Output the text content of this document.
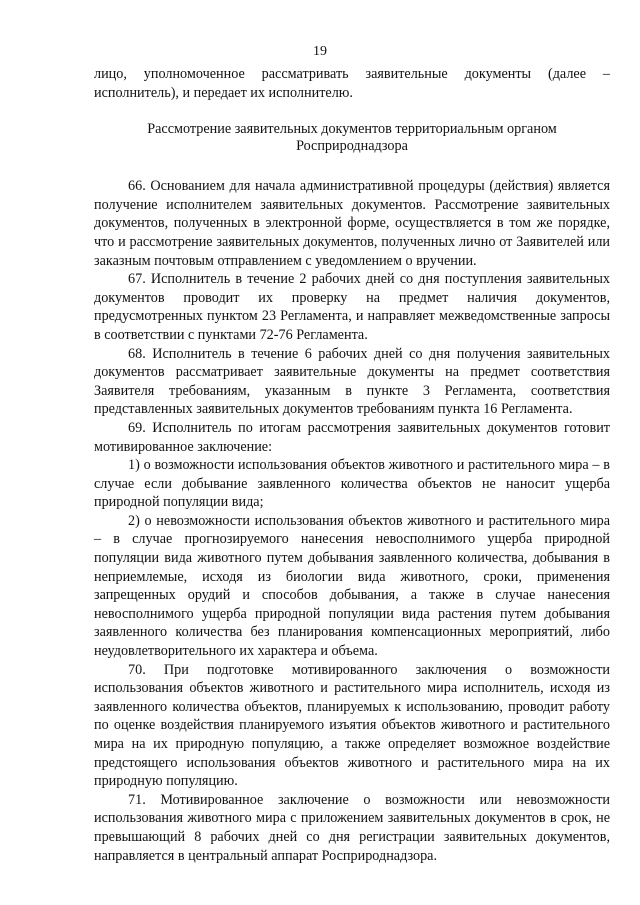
19

лицо, уполномоченное рассматривать заявительные документы (далее – исполнитель), и передает их исполнителю.

Рассмотрение заявительных документов территориальным органом Росприроднадзора

66. Основанием для начала административной процедуры (действия) является получение исполнителем заявительных документов. Рассмотрение заявительных документов, полученных в электронной форме, осуществляется в том же порядке, что и рассмотрение заявительных документов, полученных лично от Заявителей или заказным почтовым отправлением с уведомлением о вручении.

67. Исполнитель в течение 2 рабочих дней со дня поступления заявительных документов проводит их проверку на предмет наличия документов, предусмотренных пунктом 23 Регламента, и направляет межведомственные запросы в соответствии с пунктами 72-76 Регламента.

68. Исполнитель в течение 6 рабочих дней со дня получения заявительных документов рассматривает заявительные документы на предмет соответствия Заявителя требованиям, указанным в пункте 3 Регламента, соответствия представленных заявительных документов требованиям пункта 16 Регламента.

69. Исполнитель по итогам рассмотрения заявительных документов готовит мотивированное заключение:

1) о возможности использования объектов животного и растительного мира – в случае если добывание заявленного количества объектов не наносит ущерба природной популяции вида;

2) о невозможности использования объектов животного и растительного мира – в случае прогнозируемого нанесения невосполнимого ущерба природной популяции вида животного путем добывания заявленного количества, добывания в неприемлемые, исходя из биологии вида животного, сроки, применения запрещенных орудий и способов добывания, а также в случае нанесения невосполнимого ущерба природной популяции вида растения путем добывания заявленного количества без планирования компенсационных мероприятий, либо неудовлетворительного их характера и объема.

70. При подготовке мотивированного заключения о возможности использования объектов животного и растительного мира исполнитель, исходя из заявленного количества объектов, планируемых к использованию, проводит работу по оценке воздействия планируемого изъятия объектов животного и растительного мира на их природную популяцию, а также определяет возможное воздействие предстоящего использования объектов животного и растительного мира на их природную популяцию.

71. Мотивированное заключение о возможности или невозможности использования животного мира с приложением заявительных документов в срок, не превышающий 8 рабочих дней со дня регистрации заявительных документов, направляется в центральный аппарат Росприроднадзора.
